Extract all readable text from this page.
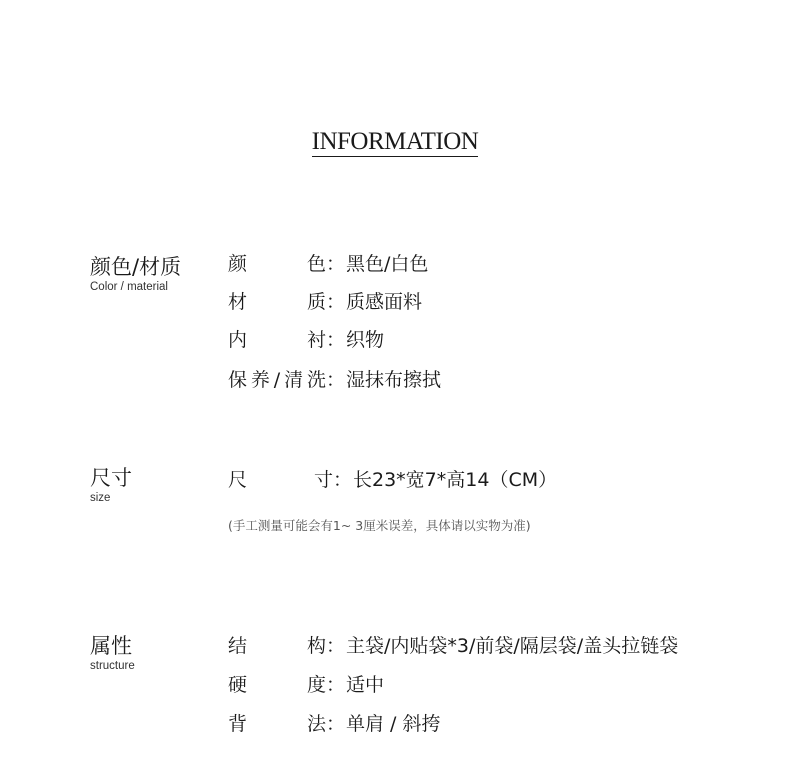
INFORMATION
颜色/材质
Color / material
颜色：黑色/白色
材质：质感面料
内衬：织物
保养/清洗：湿抹布擦拭
尺寸
size
尺寸：长23*宽7*高14（CM）
(手工测量可能会有1~ 3厘米误差，具体请以实物为准)
属性
structure
结构：主袋/内贴袋*3/前袋/隔层袋/盖头拉链袋
硬度：适中
背法：单肩 / 斜挎
